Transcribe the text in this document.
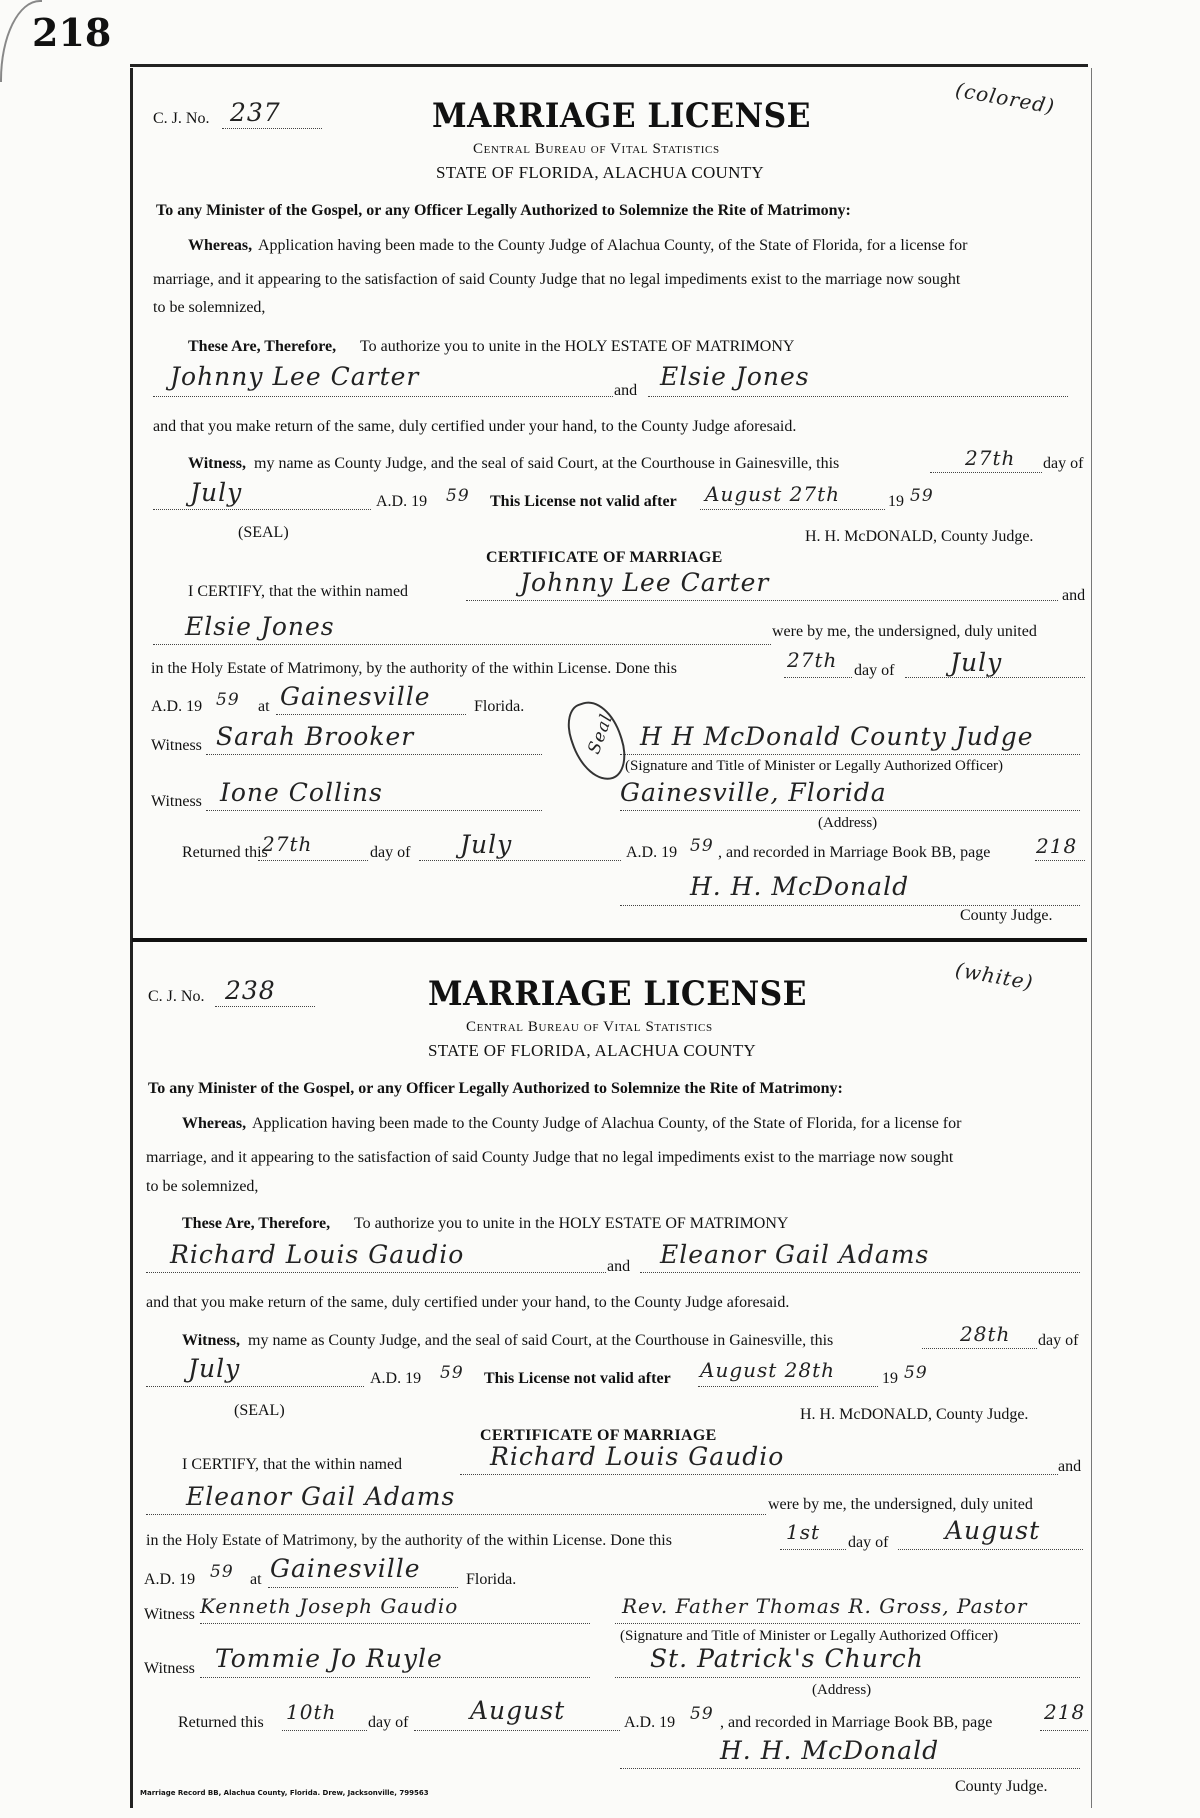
218
C. J. No. 237	(colored)
MARRIAGE LICENSE
Central Bureau of Vital Statistics
STATE OF FLORIDA, ALACHUA COUNTY
To any Minister of the Gospel, or any Officer Legally Authorized to Solemnize the Rite of Matrimony:
Whereas, Application having been made to the County Judge of Alachua County, of the State of Florida, for a license for
marriage, and it appearing to the satisfaction of said County Judge that no legal impediments exist to the marriage now sought
to be solemnized,
These Are, Therefore, To authorize you to unite in the HOLY ESTATE OF MATRIMONY
Johnny Lee Carter	and Elsie Jones
and that you make return of the same, duly certified under your hand, to the County Judge aforesaid.
Witness, my name as County Judge, and the seal of said Court, at the Courthouse in Gainesville, this	27th day of
July	A.D. 19 59 This License not valid after August 27th	19 59
(SEAL)	H. H. McDONALD, County Judge.
CERTIFICATE OF MARRIAGE
I CERTIFY, that the within named	Johnny Lee Carter	and
Elsie Jones	were by me, the undersigned, duly united
in the Holy Estate of Matrimony, by the authority of the within License. Done this	27th day of July
A.D. 19 59 at Gainesville	Florida.
Witness Sarah Brooker	Seal H H McDonald County Judge
(Signature and Title of Minister or Legally Authorized Officer)
Witness Ione Collins	Gainesville, Florida
(Address)
Returned this
27th	day of July	A.D. 19 59 , and recorded in Marriage Book BB, page 218
H. H. McDonald
County Judge.
C. J. No. 238	(white)
MARRIAGE LICENSE
Central Bureau of Vital Statistics
STATE OF FLORIDA, ALACHUA COUNTY
To any Minister of the Gospel, or any Officer Legally Authorized to Solemnize the Rite of Matrimony:
Whereas, Application having been made to the County Judge of Alachua County, of the State of Florida, for a license for
marriage, and it appearing to the satisfaction of said County Judge that no legal impediments exist to the marriage now sought
to be solemnized,
These Are, Therefore, To authorize you to unite in the HOLY ESTATE OF MATRIMONY
Richard Louis Gaudio	and Eleanor Gail Adams
and that you make return of the same, duly certified under your hand, to the County Judge aforesaid.
Witness, my name as County Judge, and the seal of said Court, at the Courthouse in Gainesville, this	28th day of
July	A.D. 19 59 This License not valid after August 28th	19 59
(SEAL)	H. H. McDONALD, County Judge.
CERTIFICATE OF MARRIAGE
I CERTIFY, that the within named	Richard Louis Gaudio	and
Eleanor Gail Adams	were by me, the undersigned, duly united
in the Holy Estate of Matrimony, by the authority of the within License. Done this	1st day of August
A.D. 19 59 at Gainesville	Florida.
Witness Kenneth Joseph Gaudio	Rev. Father Thomas R. Gross, Pastor
(Signature and Title of Minister or Legally Authorized Officer)
Witness Tommie Jo Ruyle	St. Patrick's Church
(Address)
Returned this 10th day of August	A.D. 19 59 , and recorded in Marriage Book BB, page	218
H. H. McDonald
County Judge.
Marriage Record BB, Alachua County, Florida. Drew, Jacksonville, 799563
